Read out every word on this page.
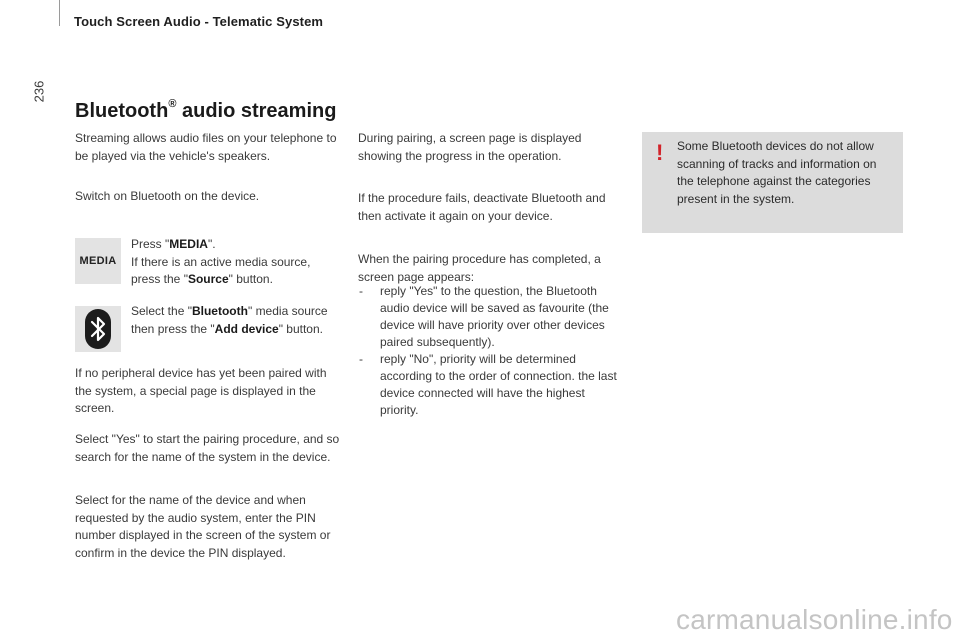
Touch Screen Audio - Telematic System
236
Bluetooth® audio streaming

Streaming allows audio files on your telephone to be played via the vehicle's speakers.

Switch on Bluetooth on the device.

MEDIA

Press "MEDIA".
If there is an active media source, press the "Source" button.

Select the "Bluetooth" media source then press the "Add device" button.

If no peripheral device has yet been paired with the system, a special page is displayed in the screen.

Select "Yes" to start the pairing procedure, and so search for the name of the system in the device.

Select for the name of the device and when requested by the audio system, enter the PIN number displayed in the screen of the system or confirm in the device the PIN displayed.

During pairing, a screen page is displayed showing the progress in the operation.

If the procedure fails, deactivate Bluetooth and then activate it again on your device.

When the pairing procedure has completed, a screen page appears:

- reply "Yes" to the question, the Bluetooth audio device will be saved as favourite (the device will have priority over other devices paired subsequently).
- reply "No", priority will be determined according to the order of connection. the last device connected will have the highest priority.
! Some Bluetooth devices do not allow scanning of tracks and information on the telephone against the categories present in the system.

carmanualsonline.info
